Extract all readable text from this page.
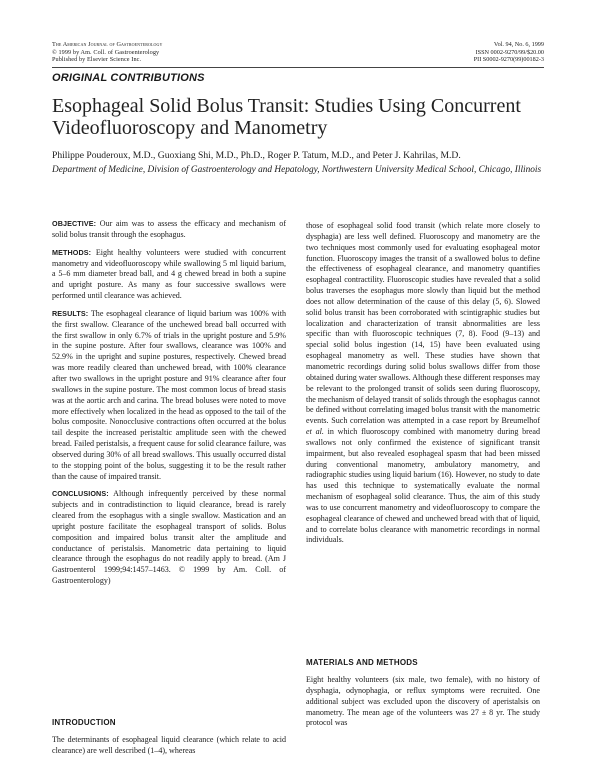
The American Journal of Gastroenterology
© 1999 by Am. Coll. of Gastroenterology
Published by Elsevier Science Inc.
Vol. 94, No. 6, 1999
ISSN 0002-9270/99/$20.00
PII S0002-9270(99)00182-3
ORIGINAL CONTRIBUTIONS
Esophageal Solid Bolus Transit: Studies Using Concurrent Videofluoroscopy and Manometry
Philippe Pouderoux, M.D., Guoxiang Shi, M.D., Ph.D., Roger P. Tatum, M.D., and Peter J. Kahrilas, M.D.
Department of Medicine, Division of Gastroenterology and Hepatology, Northwestern University Medical School, Chicago, Illinois

OBJECTIVE: Our aim was to assess the efficacy and mechanism of solid bolus transit through the esophagus.

METHODS: Eight healthy volunteers were studied with concurrent manometry and videofluoroscopy while swallowing 5 ml liquid barium, a 5–6 mm diameter bread ball, and 4 g chewed bread in both a supine and upright posture. As many as four successive swallows were performed until clearance was achieved.

RESULTS: The esophageal clearance of liquid barium was 100% with the first swallow. Clearance of the unchewed bread ball occurred with the first swallow in only 6.7% of trials in the upright posture and 5.9% in the supine posture. After four swallows, clearance was 100% and 52.9% in the upright and supine postures, respectively. Chewed bread was more readily cleared than unchewed bread, with 100% clearance after two swallows in the upright posture and 91% clearance after four swallows in the supine posture. The most common locus of bread stasis was at the aortic arch and carina. The bread boluses were noted to move more effectively when localized in the head as opposed to the tail of the bolus composite. Nonocclusive contractions often occurred at the bolus tail despite the increased peristaltic amplitude seen with the chewed bread. Failed peristalsis, a frequent cause for solid clearance failure, was observed during 30% of all bread swallows. This usually occurred distal to the stopping point of the bolus, suggesting it to be the result rather than the cause of impaired transit.

CONCLUSIONS: Although infrequently perceived by these normal subjects and in contradistinction to liquid clearance, bread is rarely cleared from the esophagus with a single swallow. Mastication and an upright posture facilitate the esophageal transport of solids. Bolus composition and impaired bolus transit alter the amplitude and conductance of peristalsis. Manometric data pertaining to liquid clearance through the esophagus do not readily apply to bread. (Am J Gastroenterol 1999;94:1457–1463. © 1999 by Am. Coll. of Gastroenterology)

INTRODUCTION
The determinants of esophageal liquid clearance (which relate to acid clearance) are well described (1–4), whereas

those of esophageal solid food transit (which relate more closely to dysphagia) are less well defined. Fluoroscopy and manometry are the two techniques most commonly used for evaluating esophageal motor function. Fluoroscopy images the transit of a swallowed bolus to define the effectiveness of esophageal clearance, and manometry quantifies esophageal contractility. Fluoroscopic studies have revealed that a solid bolus traverses the esophagus more slowly than liquid but the method does not allow determination of the cause of this delay (5, 6). Slowed solid bolus transit has been corroborated with scintigraphic studies but localization and characterization of transit abnormalities are less specific than with fluoroscopic techniques (7, 8). Food (9–13) and special solid bolus ingestion (14, 15) have been evaluated using esophageal manometry as well. These studies have shown that manometric recordings during solid bolus swallows differ from those obtained during water swallows. Although these different responses may be relevant to the prolonged transit of solids seen during fluoroscopy, the mechanism of delayed transit of solids through the esophagus cannot be defined without correlating imaged bolus transit with the manometric events. Such correlation was attempted in a case report by Breumelhof et al. in which fluoroscopy combined with manometry during bread swallows not only confirmed the existence of significant transit impairment, but also revealed esophageal spasm that had been missed during conventional manometry, ambulatory manometry, and radiographic studies using liquid barium (16). However, no study to date has used this technique to systematically evaluate the normal mechanism of esophageal solid clearance. Thus, the aim of this study was to use concurrent manometry and videofluoroscopy to compare the esophageal clearance of chewed and unchewed bread with that of liquid, and to correlate bolus clearance with manometric recordings in normal individuals.

MATERIALS AND METHODS
Eight healthy volunteers (six male, two female), with no history of dysphagia, odynophagia, or reflux symptoms were recruited. One additional subject was excluded upon the discovery of aperistalsis on manometry. The mean age of the volunteers was 27 ± 8 yr. The study protocol was
